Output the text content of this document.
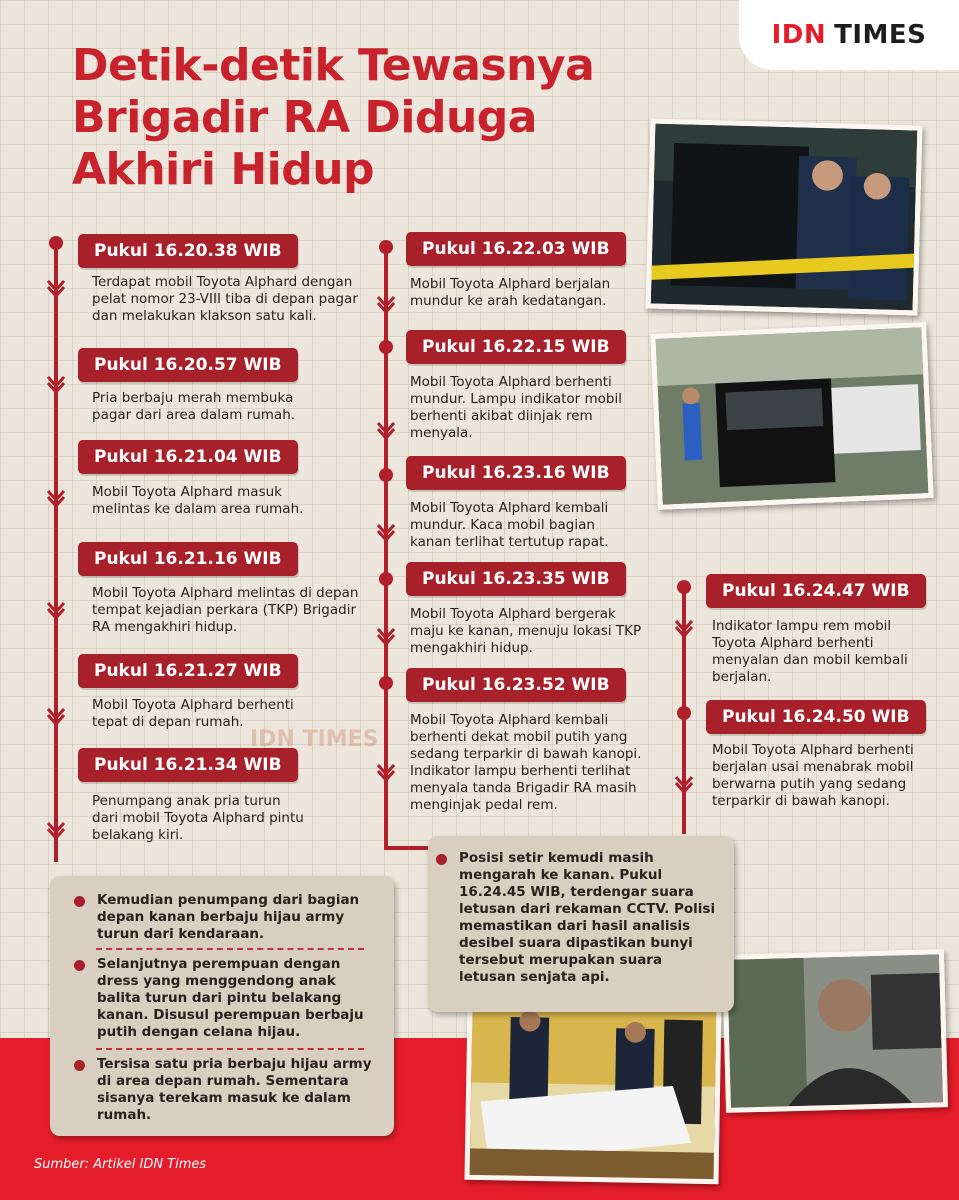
IDN TIMES
Detik-detik Tewasnya
Brigadir RA Diduga
Akhiri Hidup
Pukul 16.20.38 WIB
Terdapat mobil Toyota Alphard dengan pelat nomor 23-VIII tiba di depan pagar dan melakukan klakson satu kali.
Pukul 16.20.57 WIB
Pria berbaju merah membuka pagar dari area dalam rumah.
Pukul 16.21.04 WIB
Mobil Toyota Alphard masuk melintas ke dalam area rumah.
Pukul 16.21.16 WIB
Mobil Toyota Alphard melintas di depan tempat kejadian perkara (TKP) Brigadir RA mengakhiri hidup.
Pukul 16.21.27 WIB
Mobil Toyota Alphard berhenti tepat di depan rumah.
Pukul 16.21.34 WIB
Penumpang anak pria turun dari mobil Toyota Alphard pintu belakang kiri.
IDN TIMES
Pukul 16.22.03 WIB
Mobil Toyota Alphard berjalan mundur ke arah kedatangan.
Pukul 16.22.15 WIB
Mobil Toyota Alphard berhenti mundur. Lampu indikator mobil berhenti akibat diinjak rem menyala.
Pukul 16.23.16 WIB
Mobil Toyota Alphard kembali mundur. Kaca mobil bagian kanan terlihat tertutup rapat.
Pukul 16.23.35 WIB
Mobil Toyota Alphard bergerak maju ke kanan, menuju lokasi TKP mengakhiri hidup.
Pukul 16.23.52 WIB
Mobil Toyota Alphard kembali berhenti dekat mobil putih yang sedang terparkir di bawah kanopi. Indikator lampu berhenti terlihat menyala tanda Brigadir RA masih menginjak pedal rem.
Pukul 16.24.47 WIB
Indikator lampu rem mobil Toyota Alphard berhenti menyalan dan mobil kembali berjalan.
Pukul 16.24.50 WIB
Mobil Toyota Alphard berhenti berjalan usai menabrak mobil berwarna putih yang sedang terparkir di bawah kanopi.
Kemudian penumpang dari bagian depan kanan berbaju hijau army turun dari kendaraan.
Selanjutnya perempuan dengan dress yang menggendong anak balita turun dari pintu belakang kanan. Disusul perempuan berbaju putih dengan celana hijau.
Tersisa satu pria berbaju hijau army di area depan rumah. Sementara sisanya terekam masuk ke dalam rumah.
Posisi setir kemudi masih mengarah ke kanan. Pukul 16.24.45 WIB, terdengar suara letusan dari rekaman CCTV. Polisi memastikan dari hasil analisis desibel suara dipastikan bunyi tersebut merupakan suara letusan senjata api.
Sumber: Artikel IDN Times
